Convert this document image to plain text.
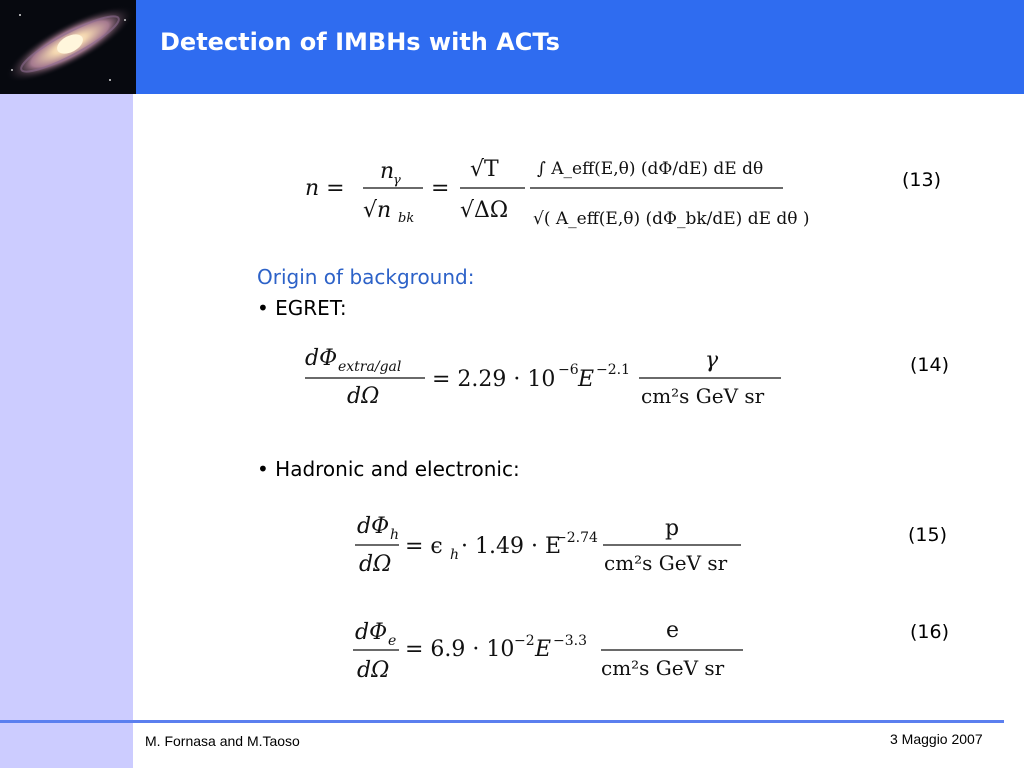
Detection of IMBHs with ACTs
n =
n
γ
√n bk
=
√T
√ΔΩ
∫ A_eff(E,θ) (dΦ/dE) dE dθ
√( A_eff(E,θ) (dΦ_bk/dE) dE dθ )
(13)
Origin of background:
• EGRET:
dΦ extra/gal
dΩ
= 2.29 · 10 −6 E −2.1	γ
cm²s GeV sr
(14)
• Hadronic and electronic:
dΦ h
dΩ
= ϵ h · 1.49 · E
−2.74	p
cm²s GeV sr
(15)
dΦ e
dΩ
= 6.9 · 10 −2 E −3.3	e
cm²s GeV sr
(16)
M. Fornasa and M.Taoso	3 Maggio 2007
